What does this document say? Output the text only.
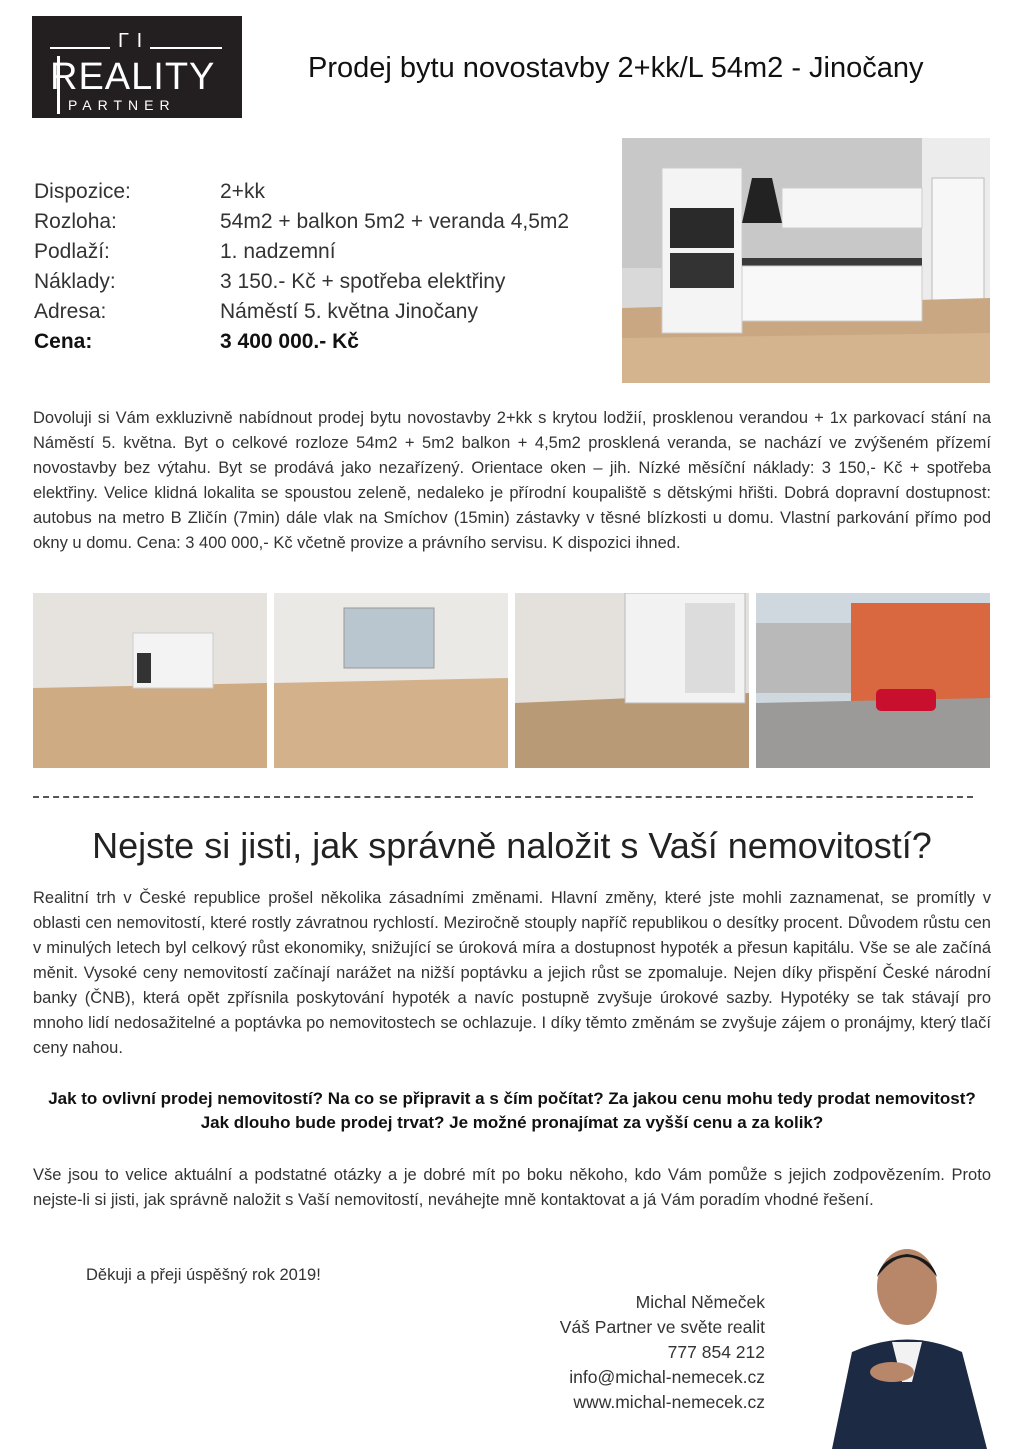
Γ I
REALITY
PARTNER
Prodej bytu novostavby 2+kk/L 54m2 - Jinočany
Dispozice:	2+kk
Rozloha:	54m2 + balkon 5m2 + veranda 4,5m2
Podlaží:	1. nadzemní
Náklady:	3 150.- Kč + spotřeba elektřiny
Adresa:	Náměstí 5. května Jinočany
Cena:	3 400 000.- Kč
Dovoluji si Vám exkluzivně nabídnout prodej bytu novostavby 2+kk s krytou lodžií, prosklenou verandou + 1x parkovací stání na Náměstí 5. května. Byt o celkové rozloze 54m2 + 5m2 balkon + 4,5m2 prosklená veranda, se nachází ve zvýšeném přízemí novostavby bez výtahu. Byt se prodává jako nezařízený. Orientace oken – jih. Nízké měsíční náklady: 3 150,- Kč + spotřeba elektřiny. Velice klidná lokalita se spoustou zeleně, nedaleko je přírodní koupaliště s dětskými hřišti. Dobrá dopravní dostupnost: autobus na metro B Zličín (7min) dále vlak na Smíchov (15min) zástavky v těsné blízkosti u domu. Vlastní parkování přímo pod okny u domu. Cena: 3 400 000,- Kč včetně provize a právního servisu. K dispozici ihned.
Nejste si jisti, jak správně naložit s Vaší nemovitostí?
Realitní trh v České republice prošel několika zásadními změnami. Hlavní změny, které jste mohli zaznamenat, se promítly v oblasti cen nemovitostí, které rostly závratnou rychlostí. Meziročně stouply napříč republikou o desítky procent. Důvodem růstu cen v minulých letech byl celkový růst ekonomiky, snižující se úroková míra a dostupnost hypoték a přesun kapitálu. Vše se ale začíná měnit. Vysoké ceny nemovitostí začínají narážet na nižší poptávku a jejich růst se zpomaluje. Nejen díky přispění České národní banky (ČNB), která opět zpřísnila poskytování hypoték a navíc postupně zvyšuje úrokové sazby. Hypotéky se tak stávají pro mnoho lidí nedosažitelné a poptávka po nemovitostech se ochlazuje. I díky těmto změnám se zvyšuje zájem o pronájmy, který tlačí ceny nahou.
Jak to ovlivní prodej nemovitostí? Na co se připravit a s čím počítat? Za jakou cenu mohu tedy prodat nemovitost?
Jak dlouho bude prodej trvat? Je možné pronajímat za vyšší cenu a za kolik?
Vše jsou to velice aktuální a podstatné otázky a je dobré mít po boku někoho, kdo Vám pomůže s jejich zodpovězením. Proto nejste-li si jisti, jak správně naložit s Vaší nemovitostí, neváhejte mně kontaktovat a já Vám poradím vhodné řešení.
Děkuji a přeji úspěšný rok 2019!
Michal Němeček
Váš Partner ve světe realit
777 854 212
info@michal-nemecek.cz
www.michal-nemecek.cz
